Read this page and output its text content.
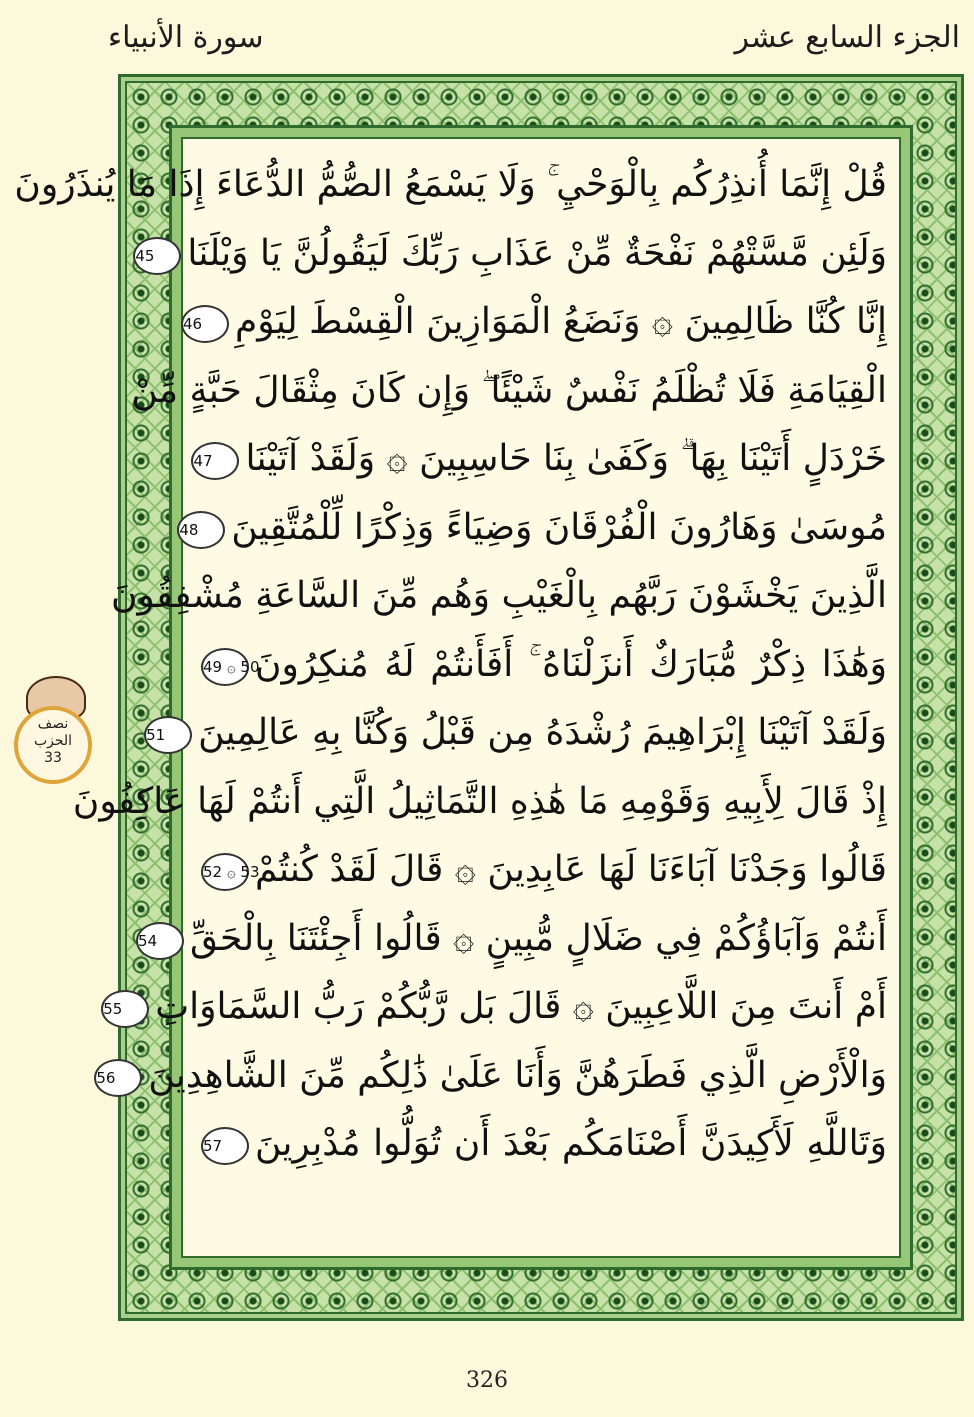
الجزء السابع عشر
سورة الأنبياء
قُلْ إِنَّمَا أُنذِرُكُم بِالْوَحْيِ ۚ وَلَا يَسْمَعُ الصُّمُّ الدُّعَاءَ إِذَا مَا يُنذَرُونَ
وَلَئِن مَّسَّتْهُمْ نَفْحَةٌ مِّنْ عَذَابِ رَبِّكَ لَيَقُولُنَّ يَا وَيْلَنَا45
إِنَّا كُنَّا ظَالِمِينَ ۞ وَنَضَعُ الْمَوَازِينَ الْقِسْطَ لِيَوْمِ46
الْقِيَامَةِ فَلَا تُظْلَمُ نَفْسٌ شَيْئًا ۖ وَإِن كَانَ مِثْقَالَ حَبَّةٍ مِّنْ
خَرْدَلٍ أَتَيْنَا بِهَا ۗ وَكَفَىٰ بِنَا حَاسِبِينَ ۞ وَلَقَدْ آتَيْنَا47
مُوسَىٰ وَهَارُونَ الْفُرْقَانَ وَضِيَاءً وَذِكْرًا لِّلْمُتَّقِينَ48
الَّذِينَ يَخْشَوْنَ رَبَّهُم بِالْغَيْبِ وَهُم مِّنَ السَّاعَةِ مُشْفِقُونَ
وَهَٰذَا ذِكْرٌ مُّبَارَكٌ أَنزَلْنَاهُ ۚ أَفَأَنتُمْ لَهُ مُنكِرُونَ49 ۞ 50
وَلَقَدْ آتَيْنَا إِبْرَاهِيمَ رُشْدَهُ مِن قَبْلُ وَكُنَّا بِهِ عَالِمِينَ51
إِذْ قَالَ لِأَبِيهِ وَقَوْمِهِ مَا هَٰذِهِ التَّمَاثِيلُ الَّتِي أَنتُمْ لَهَا عَاكِفُونَ
قَالُوا وَجَدْنَا آبَاءَنَا لَهَا عَابِدِينَ ۞ قَالَ لَقَدْ كُنتُمْ52 ۞ 53
أَنتُمْ وَآبَاؤُكُمْ فِي ضَلَالٍ مُّبِينٍ ۞ قَالُوا أَجِئْتَنَا بِالْحَقِّ54
أَمْ أَنتَ مِنَ اللَّاعِبِينَ ۞ قَالَ بَل رَّبُّكُمْ رَبُّ السَّمَاوَاتِ55
وَالْأَرْضِ الَّذِي فَطَرَهُنَّ وَأَنَا عَلَىٰ ذَٰلِكُم مِّنَ الشَّاهِدِينَ56
وَتَاللَّهِ لَأَكِيدَنَّ أَصْنَامَكُم بَعْدَ أَن تُوَلُّوا مُدْبِرِينَ57
نصف
الحزب
33
326
